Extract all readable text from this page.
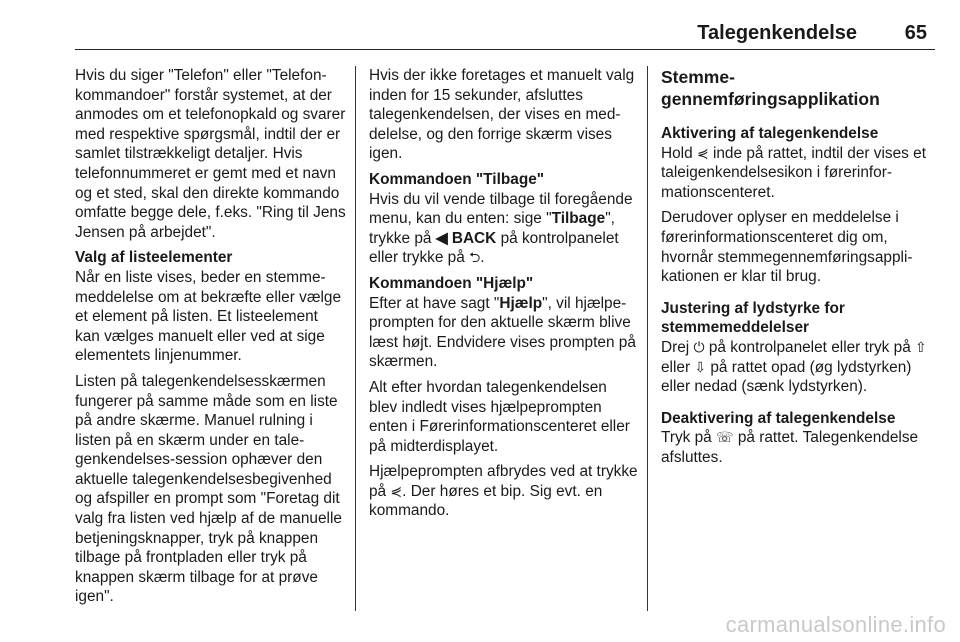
Talegenkendelse 65

Hvis du siger "Telefon" eller "Telefonkommandoer" forstår systemet, at der anmodes om et telefonopkald og svarer med respektive spørgsmål, indtil der er samlet tilstrækkeligt detaljer. Hvis telefonnummeret er gemt med et navn og et sted, skal den direkte kommando omfatte begge dele, f.eks. "Ring til Jens Jensen på arbejdet".

Valg af listeelementer

Når en liste vises, beder en stemmemeddelelse om at bekræfte eller vælge et element på listen. Et listeelement kan vælges manuelt eller ved at sige elementets linjenummer.

Listen på talegenkendelsesskærmen fungerer på samme måde som en liste på andre skærme. Manuel rulning i listen på en skærm under en talegenkendelses-session ophæver den aktuelle talegenkendelsesbegivenhed og afspiller en prompt som "Foretag dit valg fra listen ved hjælp af de manuelle betjeningsknapper, tryk på knappen tilbage på frontpladen eller tryk på knappen skærm tilbage for at prøve igen".

Hvis der ikke foretages et manuelt valg inden for 15 sekunder, afsluttes talegenkendelsen, der vises en meddelelse, og den forrige skærm vises igen.

Kommandoen "Tilbage"

Hvis du vil vende tilbage til foregående menu, kan du enten: sige "Tilbage", trykke på ◀ BACK på kontrolpanelet eller trykke på ⮌.

Kommandoen "Hjælp"

Efter at have sagt "Hjælp", vil hjælpeprompten for den aktuelle skærm blive læst højt. Endvidere vises prompten på skærmen.

Alt efter hvordan talegenkendelsen blev indledt vises hjælpeprompten enten i Førerinformationscenteret eller på midterdisplayet.

Hjælpeprompten afbrydes ved at trykke på ⋞. Der høres et bip. Sig evt. en kommando.

Stemmegennemføringsapplikation

Aktivering af talegenkendelse

Hold ⋞ inde på rattet, indtil der vises et taleigenkendelsesikon i førerinformationscenteret.

Derudover oplyser en meddelelse i førerinformationscenteret dig om, hvornår stemmegennemføringsapplikationen er klar til brug.

Justering af lydstyrke for stemmemeddelelser

Drej ⏻ på kontrolpanelet eller tryk på ⇧ eller ⇩ på rattet opad (øg lydstyrken) eller nedad (sænk lydstyrken).

Deaktivering af talegenkendelse

Tryk på ☏ på rattet. Talegenkendelse afsluttes.

carmanualsonline.info
